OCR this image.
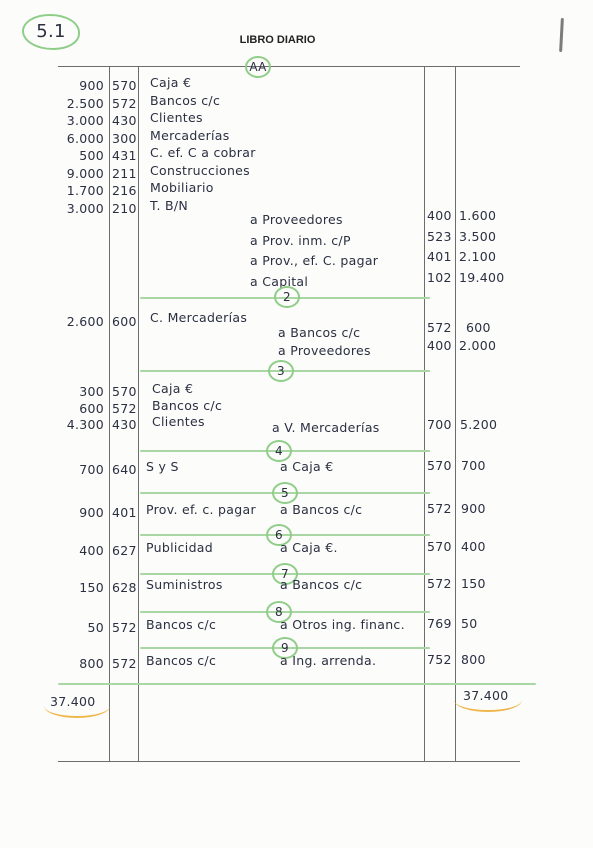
5.1	LIBRO DIARIO
AA
900 570 Caja €
2.500 572 Bancos c/c
3.000 430 Clientes
6.000 300 Mercaderías
500 431 C. ef. C a cobrar
9.000 211 Construcciones
1.700 216 Mobiliario
3.000 210 T. B/N
a Proveedores	400 1.600
a Prov. inm. c/P	523 3.500
a Prov., ef. C. pagar	401 2.100
a Capital	102 19.400
2
2.600 600 C. Mercaderías
a Bancos c/c	572 600
a Proveedores	400 2.000
3
300 570 Caja €
600 572 Bancos c/c
4.300 430 Clientes	a V. Mercaderías	700 5.200
4
700 640 S y S	a Caja €	570 700
5
900 401 Prov. ef. c. pagar a Bancos c/c	572 900
6
400 627 Publicidad	a Caja €.	570 400
7
150 628 Suministros	a Bancos c/c	572 150
8
50 572 Bancos c/c	a Otros ing. financ. 769 50
9
800 572 Bancos c/c	a Ing. arrenda.	752 800
37.400	37.400
